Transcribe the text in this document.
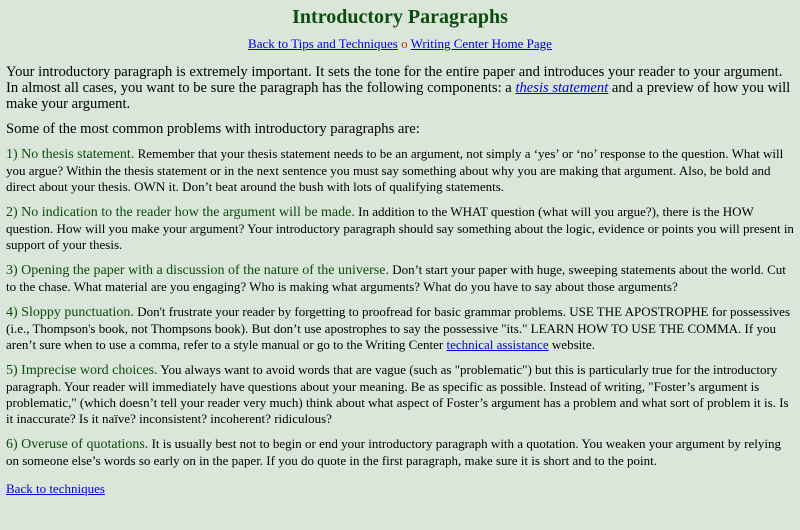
Introductory Paragraphs
Back to Tips and Techniques o Writing Center Home Page

Your introductory paragraph is extremely important. It sets the tone for the entire paper and introduces your reader to your argument. In almost all cases, you want to be sure the paragraph has the following components: a thesis statement and a preview of how you will make your argument.

Some of the most common problems with introductory paragraphs are:

1) No thesis statement. Remember that your thesis statement needs to be an argument, not simply a ‘yes’ or ‘no’ response to the question. What will you argue? Within the thesis statement or in the next sentence you must say something about why you are making that argument. Also, be bold and direct about your thesis. OWN it. Don’t beat around the bush with lots of qualifying statements.

2) No indication to the reader how the argument will be made. In addition to the WHAT question (what will you argue?), there is the HOW question. How will you make your argument? Your introductory paragraph should say something about the logic, evidence or points you will present in support of your thesis.

3) Opening the paper with a discussion of the nature of the universe. Don’t start your paper with huge, sweeping statements about the world. Cut to the chase. What material are you engaging? Who is making what arguments? What do you have to say about those arguments?

4) Sloppy punctuation. Don't frustrate your reader by forgetting to proofread for basic grammar problems. USE THE APOSTROPHE for possessives (i.e., Thompson's book, not Thompsons book). But don’t use apostrophes to say the possessive "its." LEARN HOW TO USE THE COMMA. If you aren’t sure when to use a comma, refer to a style manual or go to the Writing Center technical assistance website.

5) Imprecise word choices. You always want to avoid words that are vague (such as "problematic") but this is particularly true for the introductory paragraph. Your reader will immediately have questions about your meaning. Be as specific as possible. Instead of writing, "Foster’s argument is problematic," (which doesn’t tell your reader very much) think about what aspect of Foster’s argument has a problem and what sort of problem it is. Is it inaccurate? Is it naïve? inconsistent? incoherent? ridiculous?

6) Overuse of quotations. It is usually best not to begin or end your introductory paragraph with a quotation. You weaken your argument by relying on someone else’s words so early on in the paper. If you do quote in the first paragraph, make sure it is short and to the point.

Back to techniques
